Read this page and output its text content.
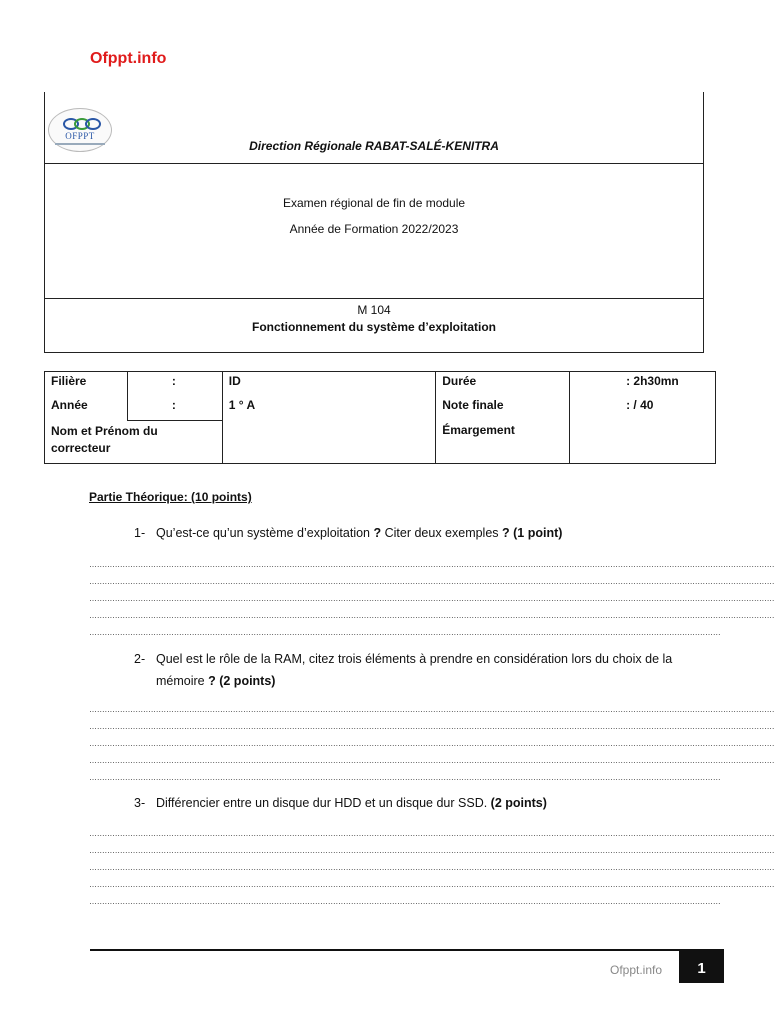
Ofppt.info
OFPPT
Direction Régionale RABAT-SALÉ-KENITRA
Examen régional de fin de module
Année de Formation 2022/2023
M 104
Fonctionnement du système d’exploitation
Filière	:	ID	Durée	: 2h30mn
Année	:	1 ° A	Note finale	: / 40
Nom et Prénom du correcteur			Émargement	
Partie Théorique: (10 points)
1- Qu’est-ce qu’un système d’exploitation ? Citer deux exemples ? (1 point)
……………………………………………………………………………………………………………………………………………………………………………………………………………………………………………
……………………………………………………………………………………………………………………………………………………………………………………………………………………………………………
……………………………………………………………………………………………………………………………………………………………………………………………………………………………………………
……………………………………………………………………………………………………………………………………………………………………………………………………………………………………………
…………………………………………………………………………………………………………………………………………………………………………………………………………………………
2- Quel est le rôle de la RAM, citez trois éléments à prendre en considération lors du choix de la mémoire ? (2 points)
……………………………………………………………………………………………………………………………………………………………………………………………………………………………………………
……………………………………………………………………………………………………………………………………………………………………………………………………………………………………………
……………………………………………………………………………………………………………………………………………………………………………………………………………………………………………
……………………………………………………………………………………………………………………………………………………………………………………………………………………………………………
…………………………………………………………………………………………………………………………………………………………………………………………………………………………
3- Différencier entre un disque dur HDD et un disque dur SSD. (2 points)
……………………………………………………………………………………………………………………………………………………………………………………………………………………………………………
……………………………………………………………………………………………………………………………………………………………………………………………………………………………………………
……………………………………………………………………………………………………………………………………………………………………………………………………………………………………………
……………………………………………………………………………………………………………………………………………………………………………………………………………………………………………
…………………………………………………………………………………………………………………………………………………………………………………………………………………………
Ofppt.info	1
